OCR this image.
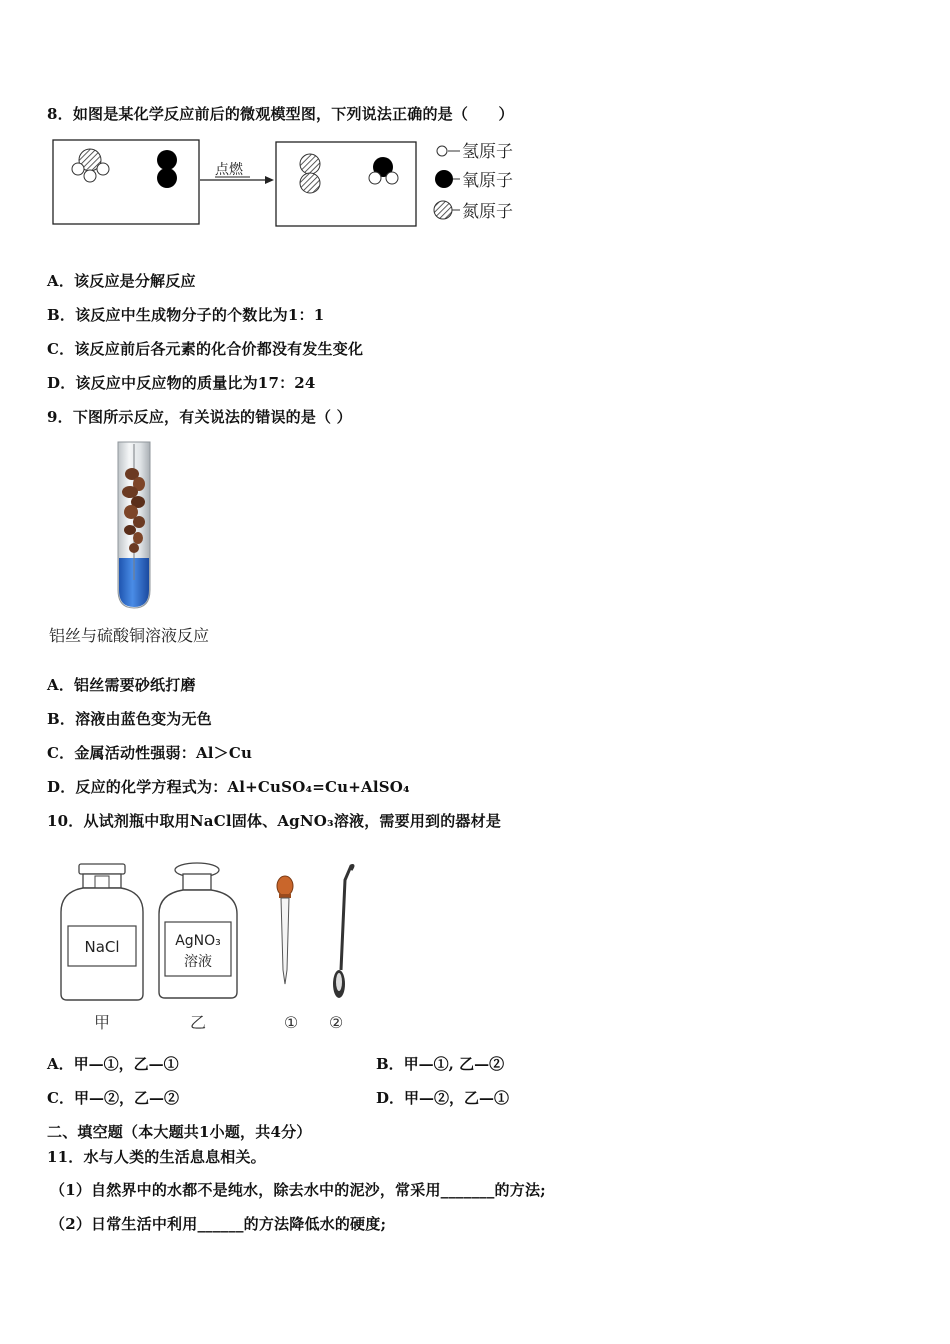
8．如图是某化学反应前后的微观模型图，下列说法正确的是（　　）
点燃
氢原子
氧原子
氮原子
A．该反应是分解反应
B．该反应中生成物分子的个数比为1：1
C．该反应前后各元素的化合价都没有发生变化
D．该反应中反应物的质量比为17：24
9．下图所示反应，有关说法的错误的是（ ）
铝丝与硫酸铜溶液反应
A．铝丝需要砂纸打磨
B．溶液由蓝色变为无色
C．金属活动性强弱：Al＞Cu
D．反应的化学方程式为：Al+CuSO₄=Cu+AlSO₄
10．从试剂瓶中取用NaCl固体、AgNO₃溶液，需要用到的器材是
NaCl	AgNO₃
溶液
甲	乙	① ②
A．甲—①，乙—①	B．甲—①, 乙—②
C．甲—②，乙—②	D．甲—②，乙—①
二、填空题（本大题共1小题，共4分）
11．水与人类的生活息息相关。
（1）自然界中的水都不是纯水，除去水中的泥沙，常采用_______的方法;
（2）日常生活中利用______的方法降低水的硬度;
